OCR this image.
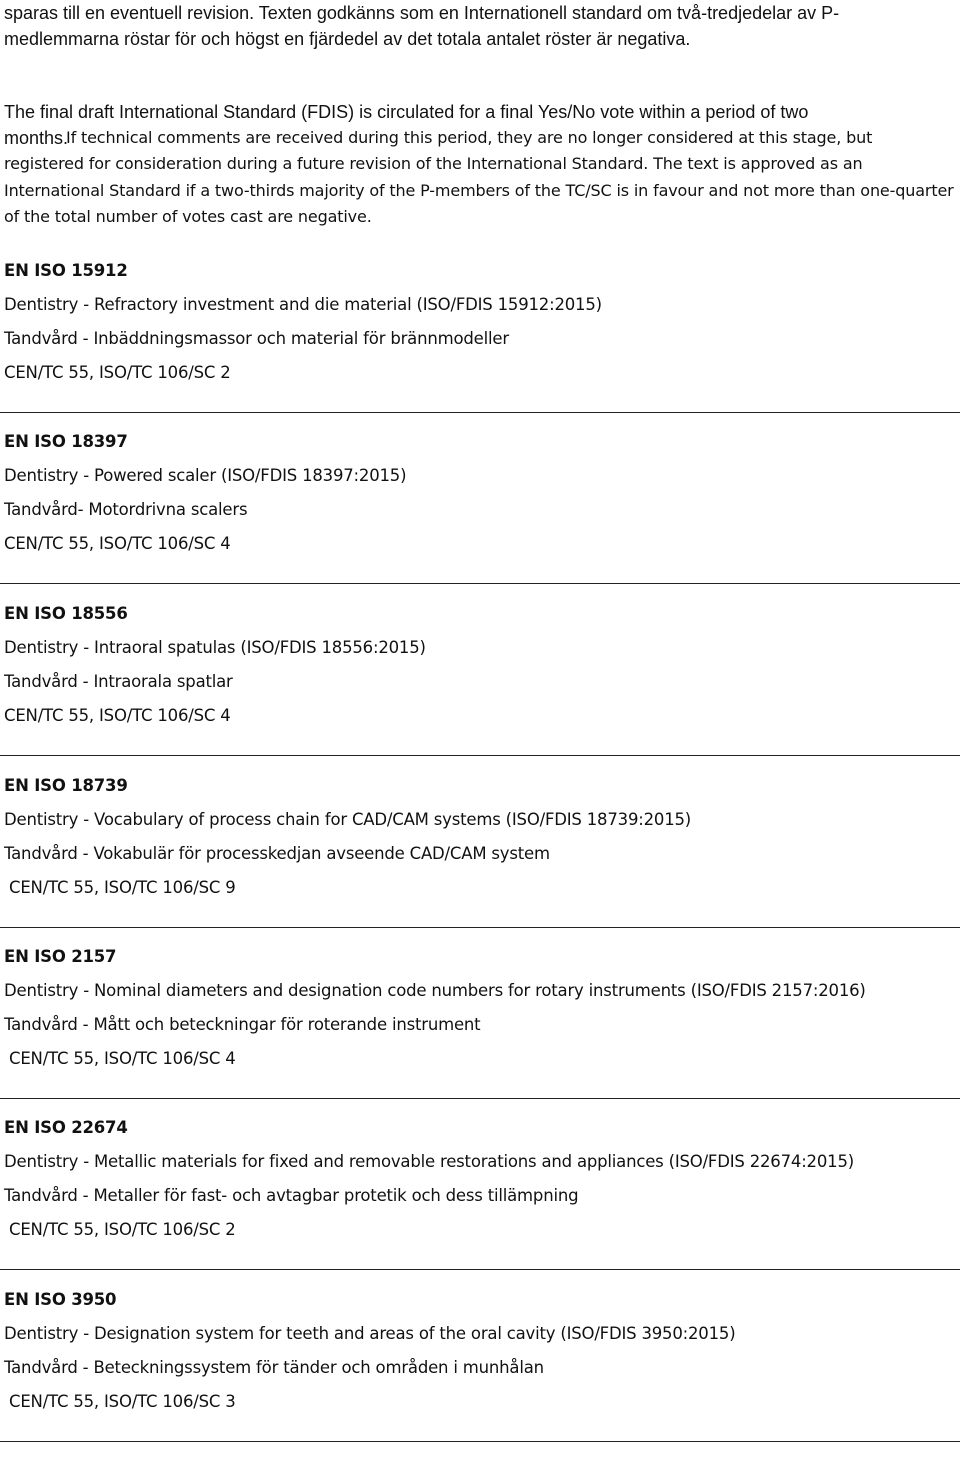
sparas till en eventuell revision. Texten godkänns som en Internationell standard om två-tredjedelar av P-medlemmarna röstar för och högst en fjärdedel av det totala antalet röster är negativa.

The final draft International Standard (FDIS) is circulated for a final Yes/No vote within a period of two
months.

If technical comments are received during this period, they are no longer considered at this stage, but registered for consideration during a future revision of the International Standard. The text is approved as an International Standard if a two-thirds majority of the P-members of the TC/SC is in favour and not more than one-quarter of the total number of votes cast are negative.

EN ISO 15912
Dentistry - Refractory investment and die material (ISO/FDIS 15912:2015)
Tandvård - Inbäddningsmassor och material för brännmodeller
CEN/TC 55, ISO/TC 106/SC 2
EN ISO 18397
Dentistry - Powered scaler (ISO/FDIS 18397:2015)
Tandvård- Motordrivna scalers
CEN/TC 55, ISO/TC 106/SC 4
EN ISO 18556
Dentistry - Intraoral spatulas (ISO/FDIS 18556:2015)
Tandvård - Intraorala spatlar
CEN/TC 55, ISO/TC 106/SC 4
EN ISO 18739
Dentistry - Vocabulary of process chain for CAD/CAM systems (ISO/FDIS 18739:2015)
Tandvård - Vokabulär för processkedjan avseende CAD/CAM system
CEN/TC 55, ISO/TC 106/SC 9
EN ISO 2157
Dentistry - Nominal diameters and designation code numbers for rotary instruments (ISO/FDIS 2157:2016)
Tandvård - Mått och beteckningar för roterande instrument
CEN/TC 55, ISO/TC 106/SC 4
EN ISO 22674
Dentistry - Metallic materials for fixed and removable restorations and appliances (ISO/FDIS 22674:2015)
Tandvård - Metaller för fast- och avtagbar protetik och dess tillämpning
CEN/TC 55, ISO/TC 106/SC 2
EN ISO 3950
Dentistry - Designation system for teeth and areas of the oral cavity (ISO/FDIS 3950:2015)
Tandvård - Beteckningssystem för tänder och områden i munhålan
CEN/TC 55, ISO/TC 106/SC 3
